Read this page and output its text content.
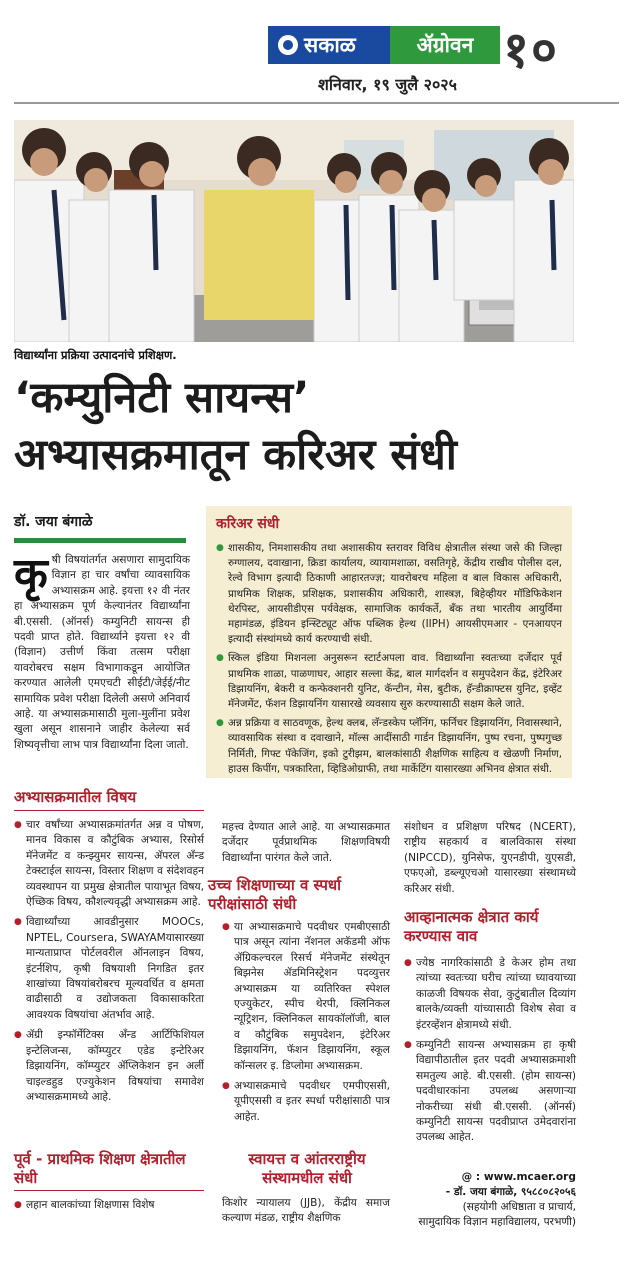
सकाळ	ॲग्रोवन १०
शनिवार, १९ जुलै २०२५
विद्यार्थ्यांना प्रक्रिया उत्पादनांचे प्रशिक्षण.
‘कम्युनिटी सायन्स’
अभ्यासक्रमातून करिअर संधी
डॉ. जया बंगाळे
कृषी विषयांतर्गत असणारा सामुदायिक विज्ञान हा चार वर्षांचा व्यावसायिक अभ्यासक्रम आहे. इयत्ता १२ वी नंतर हा अभ्यासक्रम पूर्ण केल्यानंतर विद्यार्थ्यांना बी.एससी. (ऑनर्स) कम्युनिटी सायन्स ही पदवी प्राप्त होते. विद्यार्थ्याने इयत्ता १२ वी (विज्ञान) उत्तीर्ण किंवा तत्सम परीक्षा यावरोबरच सक्षम विभागाकडून आयोजित करण्यात आलेली एमएचटी सीईटी/जेईई/नीट सामायिक प्रवेश परीक्षा दिलेली असणे अनिवार्य आहे. या अभ्यासक्रमासाठी मुला-मुलींना प्रवेश खुला असून शासनाने जाहीर केलेल्या सर्व शिष्यवृत्तीचा लाभ पात्र विद्यार्थ्यांना दिला जातो.
करिअर संधी
● शासकीय, निमशासकीय तथा अशासकीय स्तरावर विविध क्षेत्रातील संस्था जसे की जिल्हा रुग्णालय, दवाखाना, क्रिडा कार्यालय, व्यायामशाळा, वसतिगृहे, केंद्रीय राखीव पोलीस दल, रेल्वे विभाग इत्यादी ठिकाणी आहारतज्ज्ञ; यावरोबरच महिला व बाल विकास अधिकारी, प्राथमिक शिक्षक, प्रशिक्षक, प्रशासकीय अधिकारी, शास्त्रज्ञ, बिहेव्हीयर मॉडिफिकेशन थेरपिस्ट, आयसीडीएस पर्यवेक्षक, सामाजिक कार्यकर्ते, बँक तथा भारतीय आयुर्विमा महामंडळ, इंडियन इन्स्टिट्यूट ऑफ पब्लिक हेल्थ (IIPH) आयसीएमआर - एनआयएन इत्यादी संस्थांमध्ये कार्य करण्याची संधी.
● स्किल इंडिया मिशनला अनुसरून स्टार्टअपला वाव. विद्यार्थ्यांना स्वतःच्या दर्जेदार पूर्व प्राथमिक शाळा, पाळणाघर, आहार सल्ला केंद्र, बाल मार्गदर्शन व समुपदेशन केंद्र, इंटेरिअर डिझायनिंग, बेकरी व कन्फेक्शनरी युनिट, कॅन्टीन, मेस, बुटीक, हॅन्डीक्राफ्टस युनिट, इव्हेंट मॅनेजमेंट, फॅशन डिझायनिंग यासारखे व्यवसाय सुरु करण्यासाठी सक्षम केले जाते.
● अन्न प्रक्रिया व साठवणूक, हेल्थ क्लब, लॅन्डस्केप प्लॅनिंग, फर्निचर डिझायनिंग, निवासस्थाने, व्यावसायिक संस्था व दवाखाने, मॉल्स आदींसाठी गार्डन डिझायनिंग, पुष्प रचना, पुष्पगुच्छ निर्मिती, गिफ्ट पॅकेजिंग, इको टुरीझम, बालकांसाठी शैक्षणिक साहित्य व खेळणी निर्माण, हाउस किपींग, पत्रकारिता, व्हिडिओग्राफी, तथा मार्केटिंग यासारख्या अभिनव क्षेत्रात संधी.
अभ्यासक्रमातील विषय
● चार वर्षांच्या अभ्यासक्रमांतर्गत अन्न व पोषण, मानव विकास व कौटुंबिक अभ्यास, रिसोर्स मॅनेजमेंट व कन्झ्युमर सायन्स, ॲपरल अँन्ड टेक्स्टाईल सायन्स, विस्तार शिक्षण व संदेशवहन व्यवस्थापन या प्रमुख क्षेत्रातील पायाभूत विषय, ऐच्छिक विषय, कौशल्यवृद्धी अभ्यासक्रम आहे.
● विद्यार्थ्यांच्या आवडीनुसार MOOCs, NPTEL, Coursera, SWAYAMयासारख्या मान्यताप्राप्त पोर्टलवरील ऑनलाइन विषय, इंटर्नशिप, कृषी विषयाशी निगडित इतर शाखांच्या विषयांबरोबरच मूल्यवर्धित व क्षमता वाढीसाठी व उद्योजकता विकासाकरिता आवश्यक विषयांचा अंतर्भाव आहे.
● ॲग्री इन्फॉर्मेटिक्स अँन्ड आर्टिफिशियल इन्टेलिजन्स, कॉम्प्युटर एडेड इन्टेरिअर डिझायनिंग, कॉम्प्युटर ॲप्लिकेशन इन अर्ली चाइल्डहुड एज्युकेशन विषयांचा समावेश अभ्यासक्रमामध्ये आहे.
पूर्व - प्राथमिक शिक्षण क्षेत्रातील संधी
● लहान बालकांच्या शिक्षणास विशेष
महत्त्व देण्यात आले आहे. या अभ्यासक्रमात दर्जेदार पूर्वप्राथमिक शिक्षणविषयी विद्यार्थ्यांना पारंगत केले जाते.
उच्च शिक्षणाच्या व स्पर्धा परीक्षांसाठी संधी
● या अभ्यासक्रमाचे पदवीधर एमबीएसाठी पात्र असून त्यांना नॅशनल अकॅडमी ऑफ ॲग्रिकल्चरल रिसर्च मॅनेजमेंट संस्थेतून बिझनेस ॲडमिनिस्ट्रेशन पदव्युत्तर अभ्यासक्रम या व्यतिरिक्त स्पेशल एज्युकेटर, स्पीच थेरपी, क्लिनिकल न्यूट्रिशन, क्लिनिकल सायकॉलॉजी, बाल व कौटुंबिक समुपदेशन, इंटेरिअर डिझायनिंग, फॅशन डिझायनिंग, स्कूल कॉन्सलर इ. डिप्लोमा अभ्यासक्रम.
● अभ्यासक्रमाचे पदवीधर एमपीएससी, यूपीएससी व इतर स्पर्धा परीक्षांसाठी पात्र आहेत.
स्वायत्त व आंतरराष्ट्रीय संस्थामधील संधी
किशोर न्यायालय (JJB), केंद्रीय समाज कल्याण मंडळ, राष्ट्रीय शैक्षणिक
संशोधन व प्रशिक्षण परिषद (NCERT), राष्ट्रीय सहकार्य व बालविकास संस्था (NIPCCD), युनिसेफ, युएनडीपी, युएसडी, एफएओ, डब्ल्यूएचओ यासारख्या संस्थामध्ये करिअर संधी.
आव्हानात्मक क्षेत्रात कार्य करण्यास वाव
● ज्येष्ठ नागरिकांसाठी डे केअर होम तथा त्यांच्या स्वतःच्या घरीच त्यांच्या घ्यावयाच्या काळजी विषयक सेवा, कुटुंबातील दिव्यांग बालके/व्यक्ती यांच्यासाठी विशेष सेवा व इंटरव्हेंशन क्षेत्रामध्ये संधी.
● कम्युनिटी सायन्स अभ्यासक्रम हा कृषी विद्यापीठातील इतर पदवी अभ्यासक्रमाशी समतुल्य आहे. बी.एससी. (होम सायन्स) पदवीधारकांना उपलब्ध असणाऱ्या नोकरीच्या संधी बी.एससी. (ऑनर्स) कम्युनिटी सायन्स पदवीप्राप्त उमेदवारांना उपलब्ध आहेत.
@ : www.mcaer.org
- डॉ. जया बंगाळे, ९५८८०८२०५६
(सहयोगी अधिष्ठाता व प्राचार्य,
सामुदायिक विज्ञान महाविद्यालय, परभणी)
